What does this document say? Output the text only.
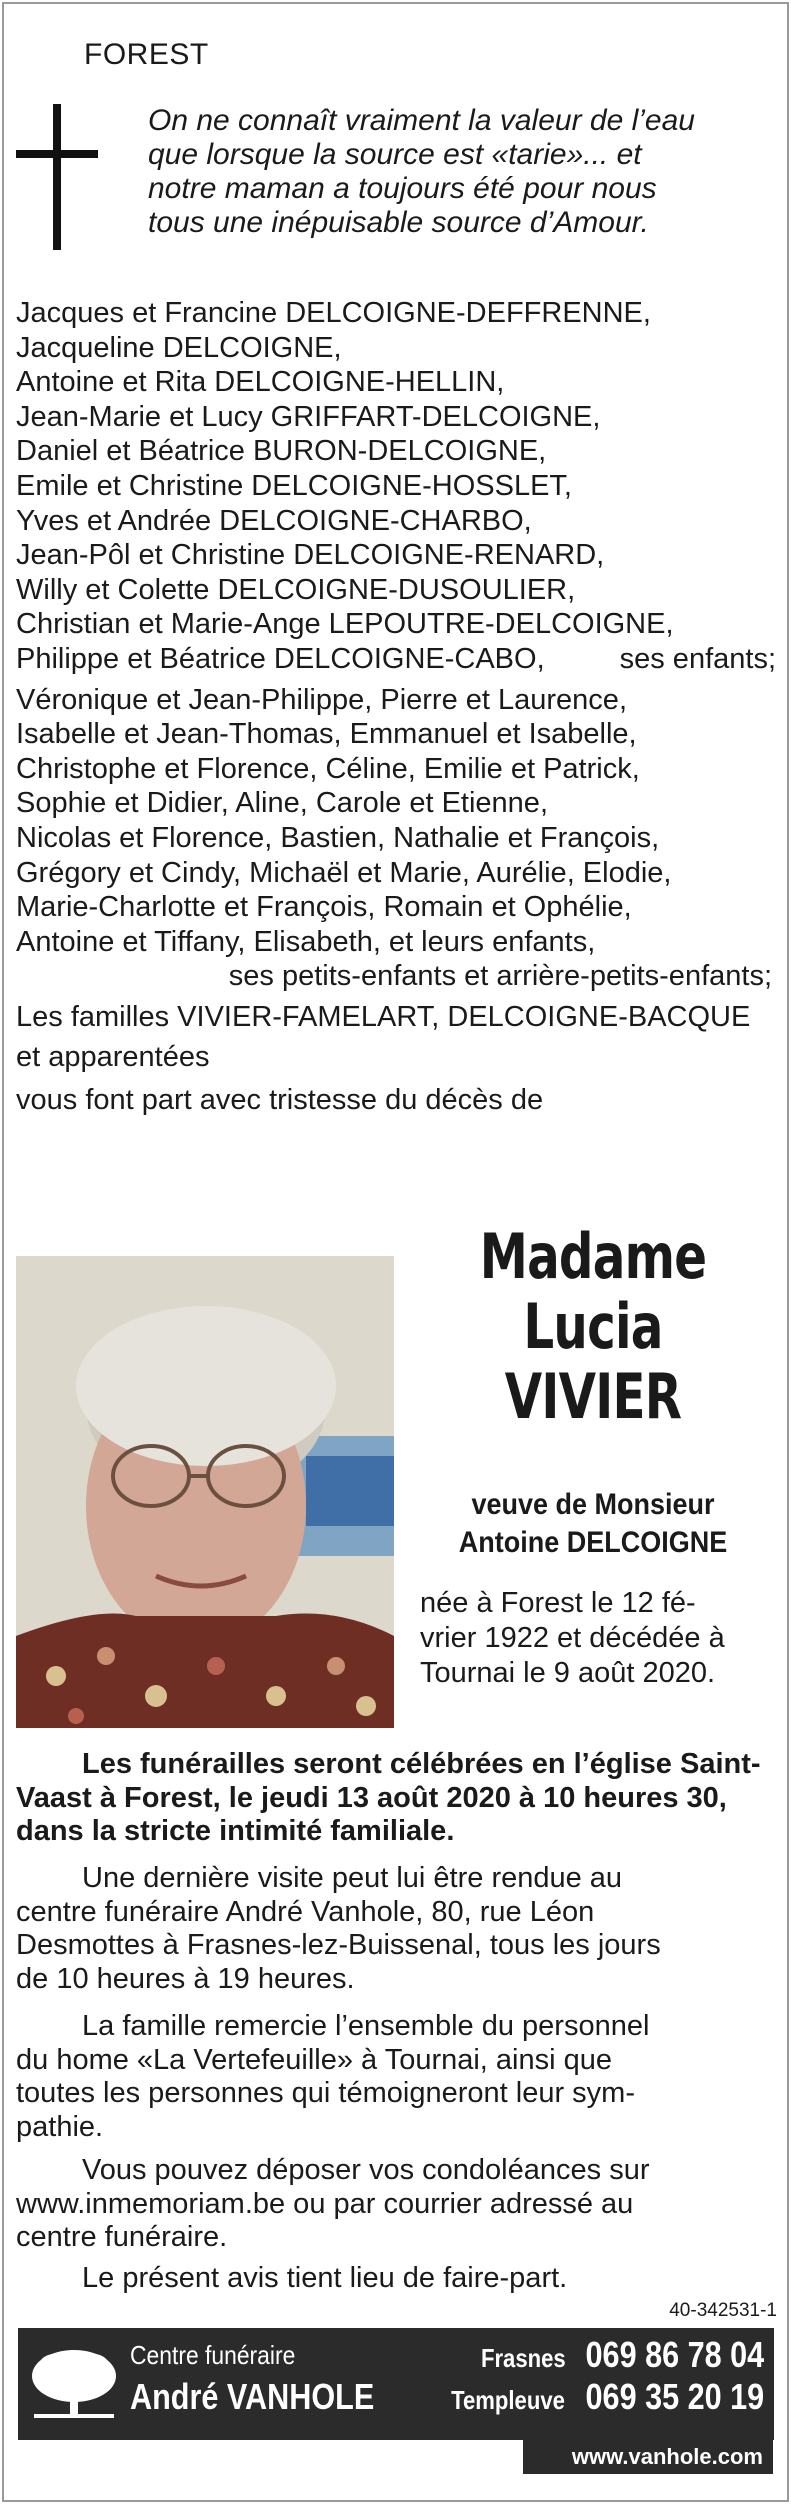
FOREST
On ne connaît vraiment la valeur de l’eau
que lorsque la source est «tarie»... et
notre maman a toujours été pour nous
tous une inépuisable source d’Amour.
Jacques et Francine DELCOIGNE-DEFFRENNE,
Jacqueline DELCOIGNE,
Antoine et Rita DELCOIGNE-HELLIN,
Jean-Marie et Lucy GRIFFART-DELCOIGNE,
Daniel et Béatrice BURON-DELCOIGNE,
Emile et Christine DELCOIGNE-HOSSLET,
Yves et Andrée DELCOIGNE-CHARBO,
Jean-Pôl et Christine DELCOIGNE-RENARD,
Willy et Colette DELCOIGNE-DUSOULIER,
Christian et Marie-Ange LEPOUTRE-DELCOIGNE,
Philippe et Béatrice DELCOIGNE-CABO,	ses enfants;
Véronique et Jean-Philippe, Pierre et Laurence,
Isabelle et Jean-Thomas, Emmanuel et Isabelle,
Christophe et Florence, Céline, Emilie et Patrick,
Sophie et Didier, Aline, Carole et Etienne,
Nicolas et Florence, Bastien, Nathalie et François,
Grégory et Cindy, Michaël et Marie, Aurélie, Elodie,
Marie-Charlotte et François, Romain et Ophélie,
Antoine et Tiffany, Elisabeth, et leurs enfants,
ses petits-enfants et arrière-petits-enfants;
Les familles VIVIER-FAMELART, DELCOIGNE-BACQUE
et apparentées
vous font part avec tristesse du décès de
Madame
Lucia
VIVIER
veuve de Monsieur
Antoine DELCOIGNE
née à Forest le 12 fé-
vrier 1922 et décédée à
Tournai le 9 août 2020.
Les funérailles seront célébrées en l’église Saint-
Vaast à Forest, le jeudi 13 août 2020 à 10 heures 30,
dans la stricte intimité familiale.
Une dernière visite peut lui être rendue au
centre funéraire André Vanhole, 80, rue Léon
Desmottes à Frasnes-lez-Buissenal, tous les jours
de 10 heures à 19 heures.
La famille remercie l’ensemble du personnel
du home «La Vertefeuille» à Tournai, ainsi que
toutes les personnes qui témoigneront leur sym-
pathie.
Vous pouvez déposer vos condoléances sur
www.inmemoriam.be ou par courrier adressé au
centre funéraire.
Le présent avis tient lieu de faire-part.
40-342531-1
Centre funéraire
André VANHOLE
Frasnes 069 86 78 04
Templeuve 069 35 20 19
www.vanhole.com
